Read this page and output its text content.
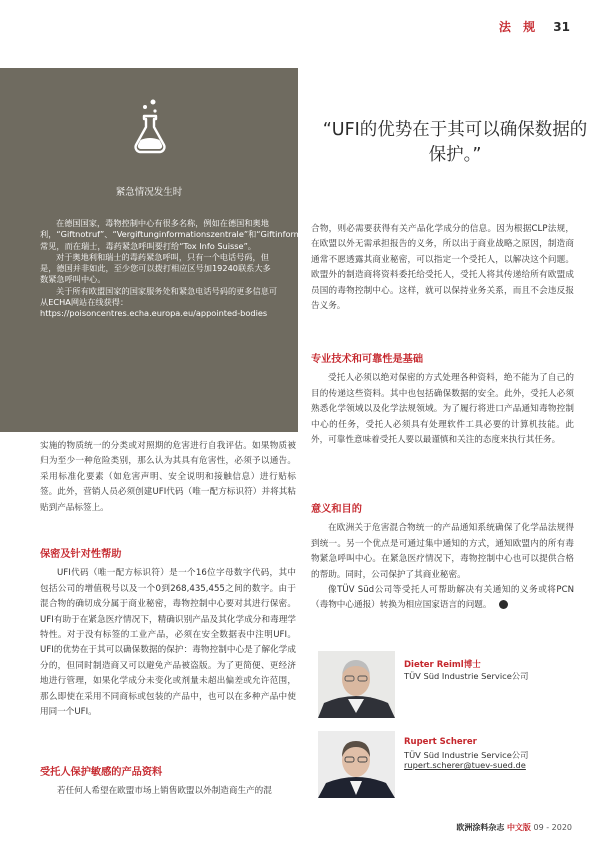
法 规 31
紧急情况发生时

在德国国家，毒物控制中心有很多名称，例如在德国和奥地利，“Giftnotruf”、“Vergiftunginformationszentrale”和“Giftinformationszentrum”很常见，而在瑞士，毒药紧急呼叫要打给“Tox Info Suisse”。

对于奥地利和瑞士的毒药紧急呼叫，只有一个电话号码，但是，德国并非如此，至少您可以拨打相应区号加19240联系大多数紧急呼叫中心。

关于所有欧盟国家的国家服务处和紧急电话号码的更多信息可从ECHA网站在线获得：https://poisoncentres.echa.europa.eu/appointed-bodies

“UFI的优势在于其可以确保数据的保护。”

合物，则必需要获得有关产品化学成分的信息。因为根据CLP法规，在欧盟以外无需承担报告的义务，所以出于商业战略之原因，制造商通常不愿透露其商业秘密，可以指定一个受托人，以解决这个问题。欧盟外的制造商将资料委托给受托人，受托人将其传递给所有欧盟成员国的毒物控制中心。这样，就可以保持业务关系，而且不会违反报告义务。

专业技术和可靠性是基础

受托人必须以绝对保密的方式处理各种资料，绝不能为了自己的目的传递这些资料。其中也包括确保数据的安全。此外，受托人必须熟悉化学领域以及化学法规领域。为了履行将进口产品通知毒物控制中心的任务，受托人必须具有处理软件工具必要的计算机技能。此外，可靠性意味着受托人要以最谨慎和关注的态度来执行其任务。

意义和目的

在欧洲关于危害混合物统一的产品通知系统确保了化学品法规得到统一。另一个优点是可通过集中通知的方式，通知欧盟内的所有毒物紧急呼叫中心。在紧急医疗情况下，毒物控制中心也可以提供合格的帮助。同时，公司保护了其商业秘密。

像TÜV Süd公司等受托人可帮助解决有关通知的义务或将PCN（毒物中心通报）转换为相应国家语言的问题。	‹

实施的物质统一的分类或对照期的危害进行自我评估。如果物质被归为至少一种危险类别，那么认为其具有危害性，必须予以通告。采用标准化要素（如危害声明、安全说明和接触信息）进行贴标签。此外，营销人员必须创建UFI代码（唯一配方标识符）并将其粘贴到产品标签上。

保密及针对性帮助

UFI代码（唯一配方标识符）是一个16位字母数字代码，其中包括公司的增值税号以及一个0到268,435,455之间的数字。由于混合物的确切成分属于商业秘密，毒物控制中心要对其进行保密。UFI有助于在紧急医疗情况下，精确识别产品及其化学成分和毒理学特性。对于没有标签的工业产品，必须在安全数据表中注明UFI。UFI的优势在于其可以确保数据的保护：毒物控制中心是了解化学成分的，但同时制造商又可以避免产品被盗版。为了更简便、更经济地进行管理，如果化学成分未变化或剂量未超出偏差或允许范围，那么即使在采用不同商标或包装的产品中，也可以在多种产品中使用同一个UFI。

受托人保护敏感的产品资料

若任何人希望在欧盟市场上销售欧盟以外制造商生产的混

Dieter Reiml博士
TÜV Süd Industrie Service公司
Rupert Scherer
TÜV Süd Industrie Service公司
rupert.scherer@tuev-sued.de
欧洲涂料杂志 中文版 09 - 2020
